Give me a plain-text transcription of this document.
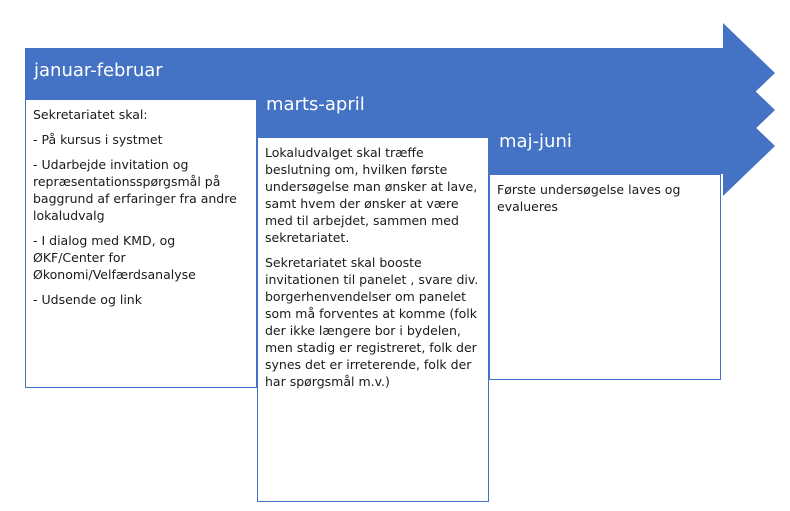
januar-februar
marts-april
maj-juni

Sekretariatet skal:

- På kursus i systmet

- Udarbejde invitation og repræsentationsspørgsmål på baggrund af erfaringer fra andre lokaludvalg

- I dialog med KMD, og ØKF/Center for Økonomi/Velfærdsanalyse

- Udsende og link

Lokaludvalget skal træffe beslutning om, hvilken første undersøgelse man ønsker at lave, samt hvem der ønsker at være med til arbejdet, sammen med sekretariatet.

Sekretariatet skal booste invitationen til panelet , svare div. borgerhenvendelser om panelet som må forventes at komme (folk der ikke længere bor i bydelen, men stadig er registreret, folk der synes det er irreterende, folk der har spørgsmål m.v.)

Første undersøgelse laves og evalueres
